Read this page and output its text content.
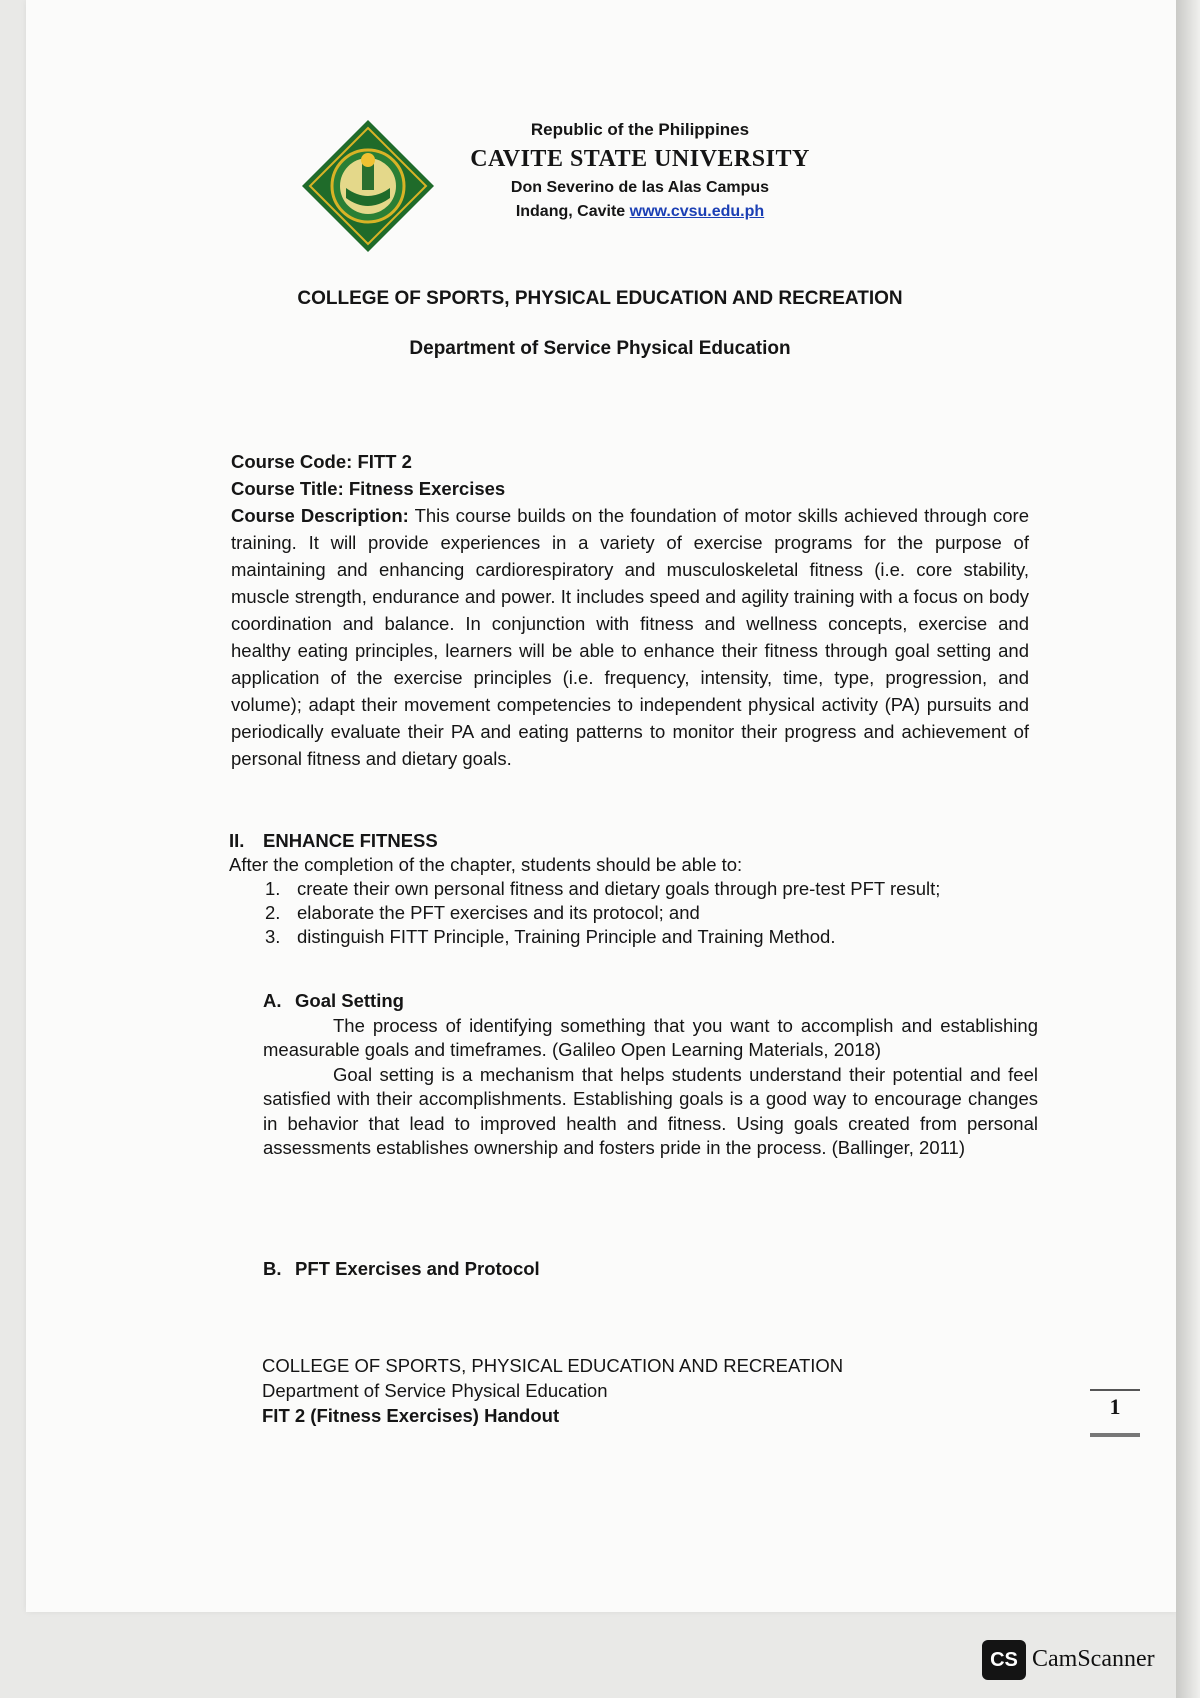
Republic of the Philippines

CAVITE STATE UNIVERSITY

Don Severino de las Alas Campus

Indang, Cavite www.cvsu.edu.ph

COLLEGE OF SPORTS, PHYSICAL EDUCATION AND RECREATION
Department of Service Physical Education

Course Code: FITT 2

Course Title: Fitness Exercises

Course Description: This course builds on the foundation of motor skills achieved through core training. It will provide experiences in a variety of exercise programs for the purpose of maintaining and enhancing cardiorespiratory and musculoskeletal fitness (i.e. core stability, muscle strength, endurance and power. It includes speed and agility training with a focus on body coordination and balance. In conjunction with fitness and wellness concepts, exercise and healthy eating principles, learners will be able to enhance their fitness through goal setting and application of the exercise principles (i.e. frequency, intensity, time, type, progression, and volume); adapt their movement competencies to independent physical activity (PA) pursuits and periodically evaluate their PA and eating patterns to monitor their progress and achievement of personal fitness and dietary goals.

II. ENHANCE FITNESS

After the completion of the chapter, students should be able to:

1. create their own personal fitness and dietary goals through pre-test PFT result;
2. elaborate the PFT exercises and its protocol; and
3. distinguish FITT Principle, Training Principle and Training Method.

A. Goal Setting

The process of identifying something that you want to accomplish and establishing measurable goals and timeframes. (Galileo Open Learning Materials, 2018)

Goal setting is a mechanism that helps students understand their potential and feel satisfied with their accomplishments. Establishing goals is a good way to encourage changes in behavior that lead to improved health and fitness. Using goals created from personal assessments establishes ownership and fosters pride in the process. (Ballinger, 2011)

B. PFT Exercises and Protocol

COLLEGE OF SPORTS, PHYSICAL EDUCATION AND RECREATION

Department of Service Physical Education

FIT 2 (Fitness Exercises) Handout	1
CS CamScanner
